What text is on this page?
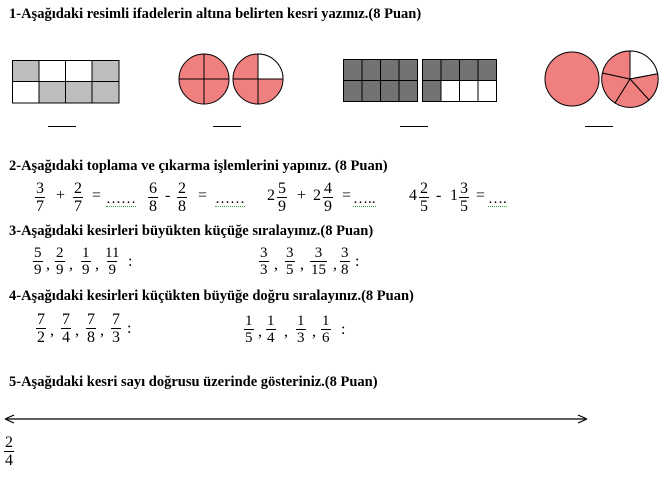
1-Aşağıdaki resimli ifadelerin altına belirten kesri yazınız.(8 Puan)
2-Aşağıdaki toplama ve çıkarma işlemlerini yapınız. (8 Puan)
$\frac{3}{7} + \frac{2}{7}$ = …… $\frac{6}{8} - \frac{2}{8}$ = …… $2 \frac{5}{9} + 2 \frac{4}{9}$ = ….. $4 \frac{2}{5} - 1 \frac{3}{5}$ = ….
3-Aşağıdaki kesirleri büyükten küçüğe sıralayınız.(8 Puan)
$\frac{5}{9}$ , $\frac{2}{9}$ , $\frac{1}{9}$ , $\frac{11}{9}$ :	$\frac{3}{3}$ , $\frac{3}{5}$ , $\frac{3}{15}$ , $\frac{3}{8}$ :
4-Aşağıdaki kesirleri küçükten büyüğe doğru sıralayınız.(8 Puan)
$\frac{7}{2}$ , $\frac{7}{4}$ , $\frac{7}{8}$ , $\frac{7}{3}$ :	$\frac{1}{5}$ , $\frac{1}{4}$ , $\frac{1}{3}$ , $\frac{1}{6}$ :
5-Aşağıdaki kesri sayı doğrusu üzerinde gösteriniz.(8 Puan)
$\frac{2}{4}$
